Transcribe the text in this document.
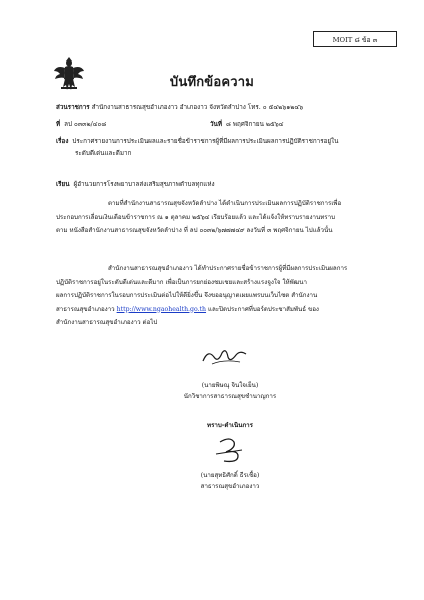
MOIT ๘ ข้อ ๓
บันทึกข้อความ
ส่วนราชการ สำนักงานสาธารณสุขอำเภองาว อำเภองาว จังหวัดลำปาง โทร. ๐ ๕๔๒๖๑๒๔๖
ที่ ลป ๐๓๓๒/๔๐๘	วันที่ ๘ พฤศจิกายน ๒๕๖๔
เรื่อง ประกาศรายงานการประเมินผลและรายชื่อข้าราชการผู้ที่มีผลการประเมินผลการปฏิบัติราชการอยู่ใน
ระดับดีเด่นและดีมาก
เรียน ผู้อำนวยการโรงพยาบาลส่งเสริมสุขภาพตำบลทุกแห่ง
ตามที่สำนักงานสาธารณสุขจังหวัดลำปาง ได้ดำเนินการประเมินผลการปฏิบัติราชการเพื่อ
ประกอบการเลื่อนเงินเดือนข้าราชการ ณ ๑ ตุลาคม ๒๕๖๔ เรียบร้อยแล้ว และได้แจ้งให้ทราบรายงานทราบ
ตาม หนังสือสำนักงานสาธารณสุขจังหวัดลำปาง ที่ ลป ๐๐๓๒/๖๗๗๗๔๙ ลงวันที่ ๓ พฤศจิกายน ไปแล้วนั้น
สำนักงานสาธารณสุขอำเภองาว ได้ทำประกาศรายชื่อข้าราชการผู้ที่มีผลการประเมินผลการ
ปฏิบัติราชการอยู่ในระดับดีเด่นและดีมาก เพื่อเป็นการยกย่องชมเชยและสร้างแรงจูงใจ ให้พัฒนา
ผลการปฏิบัติราชการในรอบการประเมินต่อไปให้ดียิ่งขึ้น จึงขออนุญาตเผยแพรบนเว็บไซต สำนักงาน
สาธารณสุขอำเภองาว http://www.ngaohealth.go.th และปิดประกาศที่บอร์ดประชาสัมพันธ์ ของ
สำนักงานสาธารณสุขอำเภองาว ต่อไป
(นายพิษณุ จินใจเย็น)
นักวิชาการสาธารณสุขชำนาญการ
ทราบ-ดำเนินการ
(นายสุทธิศักดิ์ ธีรเชื้อ)
สาธารณสุขอำเภองาว
